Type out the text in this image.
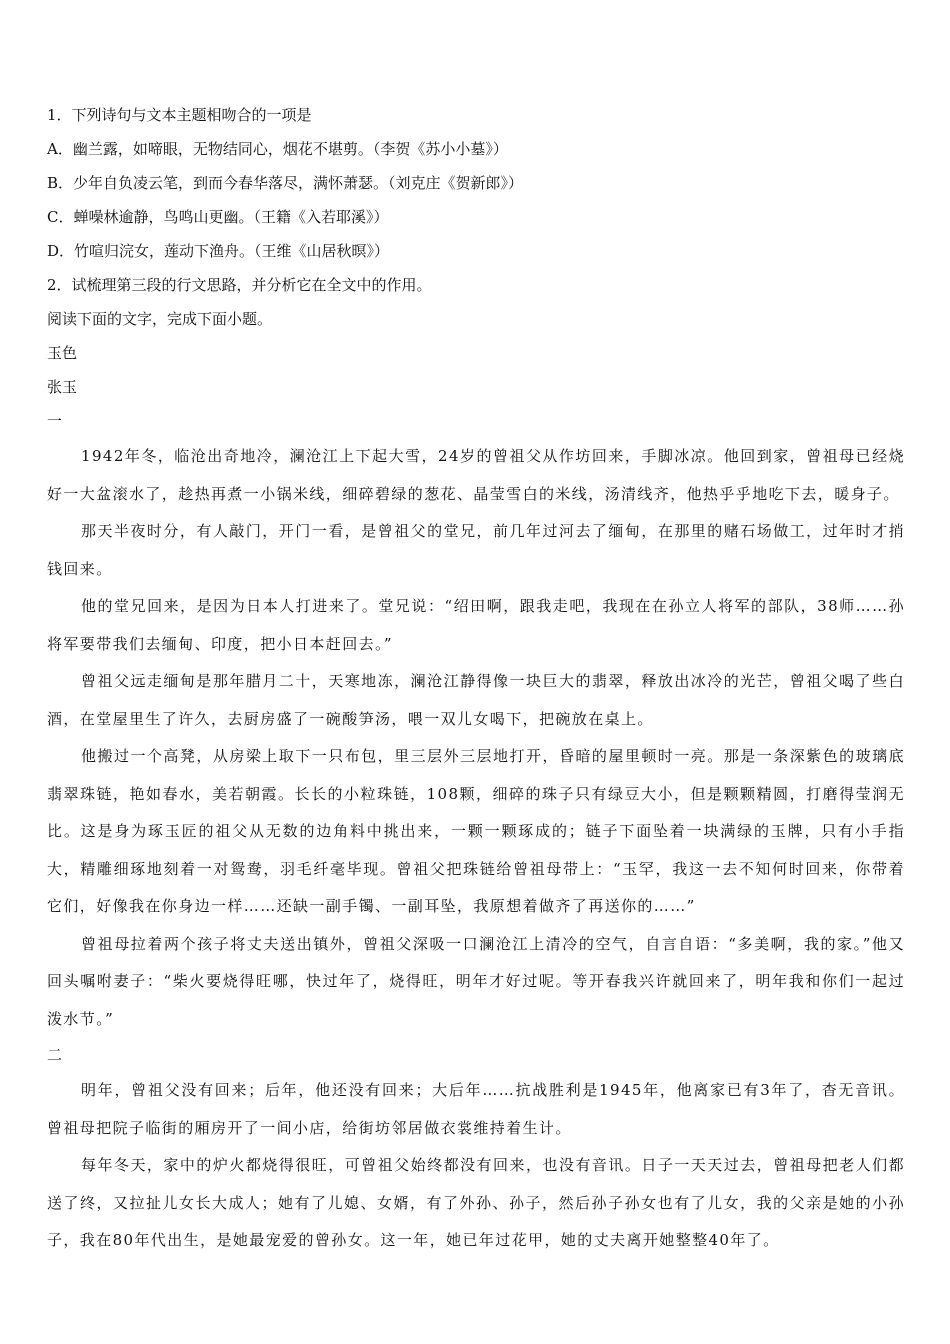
1．下列诗句与文本主题相吻合的一项是
A．幽兰露，如啼眼，无物结同心，烟花不堪剪。（李贺《苏小小墓》）
B．少年自负凌云笔，到而今春华落尽，满怀萧瑟。（刘克庄《贺新郎》）
C．蝉噪林逾静，鸟鸣山更幽。（王籍《入若耶溪》）
D．竹喧归浣女，莲动下渔舟。（王维《山居秋暝》）
2．试梳理第三段的行文思路，并分析它在全文中的作用。
阅读下面的文字，完成下面小题。
玉色
张玉
一

1942年冬，临沧出奇地冷，澜沧江上下起大雪，24岁的曾祖父从作坊回来，手脚冰凉。他回到家，曾祖母已经烧好一大盆滚水了，趁热再煮一小锅米线，细碎碧绿的葱花、晶莹雪白的米线，汤清线齐，他热乎乎地吃下去，暖身子。

那天半夜时分，有人敲门，开门一看，是曾祖父的堂兄，前几年过河去了缅甸，在那里的赌石场做工，过年时才捎钱回来。

他的堂兄回来，是因为日本人打进来了。堂兄说：“绍田啊，跟我走吧，我现在在孙立人将军的部队，38师……孙将军要带我们去缅甸、印度，把小日本赶回去。”

曾祖父远走缅甸是那年腊月二十，天寒地冻，澜沧江静得像一块巨大的翡翠，释放出冰冷的光芒，曾祖父喝了些白酒，在堂屋里生了许久，去厨房盛了一碗酸笋汤，喂一双儿女喝下，把碗放在桌上。

他搬过一个高凳，从房梁上取下一只布包，里三层外三层地打开，昏暗的屋里顿时一亮。那是一条深紫色的玻璃底翡翠珠链，艳如春水，美若朝霞。长长的小粒珠链，108颗，细碎的珠子只有绿豆大小，但是颗颗精圆，打磨得莹润无比。这是身为琢玉匠的祖父从无数的边角料中挑出来，一颗一颗琢成的；链子下面坠着一块满绿的玉牌，只有小手指大，精雕细琢地刻着一对鸳鸯，羽毛纤毫毕现。曾祖父把珠链给曾祖母带上：“玉罕，我这一去不知何时回来，你带着它们，好像我在你身边一样……还缺一副手镯、一副耳坠，我原想着做齐了再送你的……”

曾祖母拉着两个孩子将丈夫送出镇外，曾祖父深吸一口澜沧江上清冷的空气，自言自语：“多美啊，我的家。”他又回头嘱咐妻子：“柴火要烧得旺哪，快过年了，烧得旺，明年才好过呢。等开春我兴许就回来了，明年我和你们一起过泼水节。”

二

明年，曾祖父没有回来；后年，他还没有回来；大后年……抗战胜利是1945年，他离家已有3年了，杳无音讯。曾祖母把院子临街的厢房开了一间小店，给街坊邻居做衣裳维持着生计。

每年冬天，家中的炉火都烧得很旺，可曾祖父始终都没有回来，也没有音讯。日子一天天过去，曾祖母把老人们都送了终，又拉扯儿女长大成人；她有了儿媳、女婿，有了外孙、孙子，然后孙子孙女也有了儿女，我的父亲是她的小孙子，我在80年代出生，是她最宠爱的曾孙女。这一年，她已年过花甲，她的丈夫离开她整整40年了。
